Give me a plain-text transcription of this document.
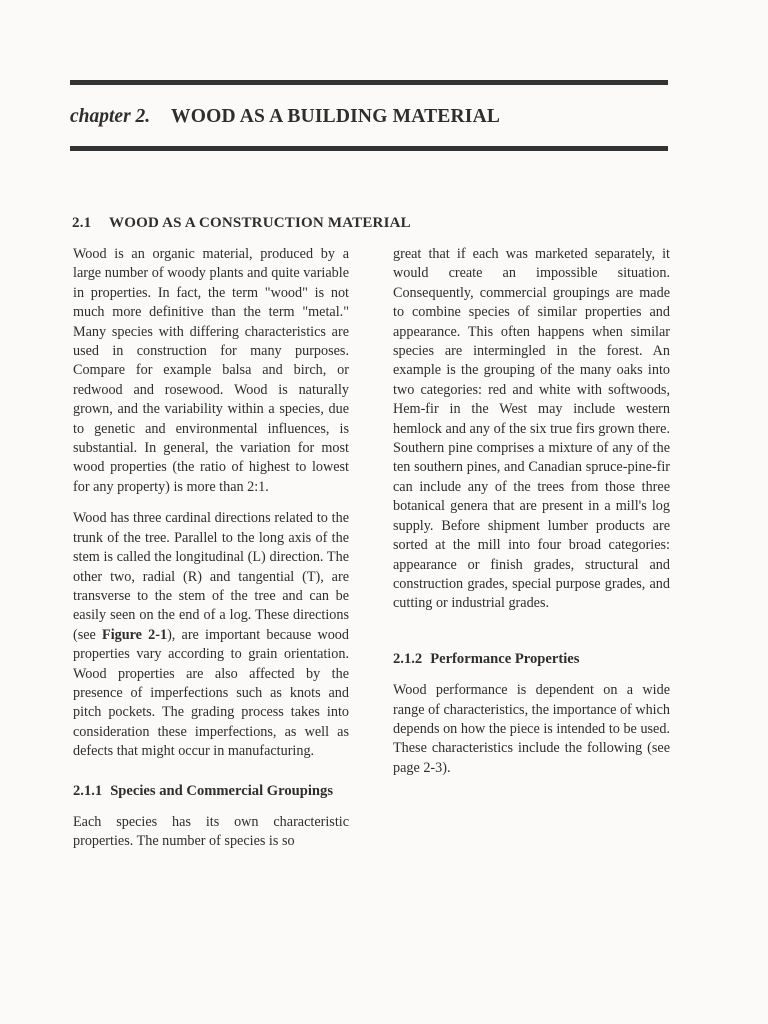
chapter 2. WOOD AS A BUILDING MATERIAL
2.1 WOOD AS A CONSTRUCTION MATERIAL

Wood is an organic material, produced by a large number of woody plants and quite variable in properties. In fact, the term "wood" is not much more definitive than the term "metal." Many species with differing characteristics are used in construction for many purposes. Compare for example balsa and birch, or redwood and rosewood. Wood is naturally grown, and the variability within a species, due to genetic and environmental influences, is substantial. In general, the variation for most wood properties (the ratio of highest to lowest for any property) is more than 2:1.

Wood has three cardinal directions related to the trunk of the tree. Parallel to the long axis of the stem is called the longitudinal (L) direction. The other two, radial (R) and tangential (T), are transverse to the stem of the tree and can be easily seen on the end of a log. These directions (see Figure 2-1), are important because wood properties vary according to grain orientation. Wood properties are also affected by the presence of imperfections such as knots and pitch pockets. The grading process takes into consideration these imperfections, as well as defects that might occur in manufacturing.

2.1.1 Species and Commercial Groupings

Each species has its own characteristic properties. The number of species is so

great that if each was marketed separately, it would create an impossible situation. Consequently, commercial groupings are made to combine species of similar properties and appearance. This often happens when similar species are intermingled in the forest. An example is the grouping of the many oaks into two categories: red and white with softwoods, Hem-fir in the West may include western hemlock and any of the six true firs grown there. Southern pine comprises a mixture of any of the ten southern pines, and Canadian spruce-pine-fir can include any of the trees from those three botanical genera that are present in a mill's log supply. Before shipment lumber products are sorted at the mill into four broad categories: appearance or finish grades, structural and construction grades, special purpose grades, and cutting or industrial grades.

2.1.2 Performance Properties

Wood performance is dependent on a wide range of characteristics, the importance of which depends on how the piece is intended to be used. These characteristics include the following (see page 2-3).
